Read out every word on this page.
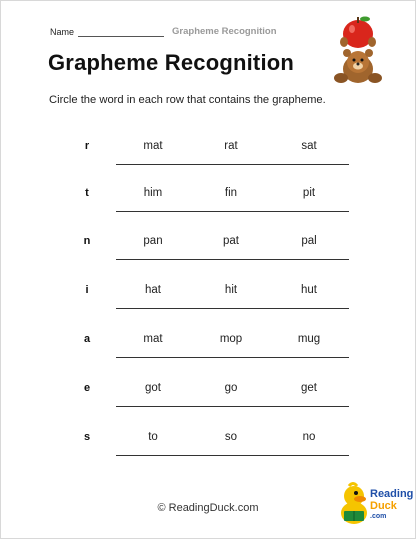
Name	Grapheme Recognition
Grapheme Recognition
Circle the word in each row that contains the grapheme.
r	mat	rat	sat
t	him	fin	pit
n	pan	pat	pal
i	hat	hit	hut
a	mat	mop	mug
e	got	go	get
s	to	so	no
© ReadingDuck.com
Reading
Duck
.com
